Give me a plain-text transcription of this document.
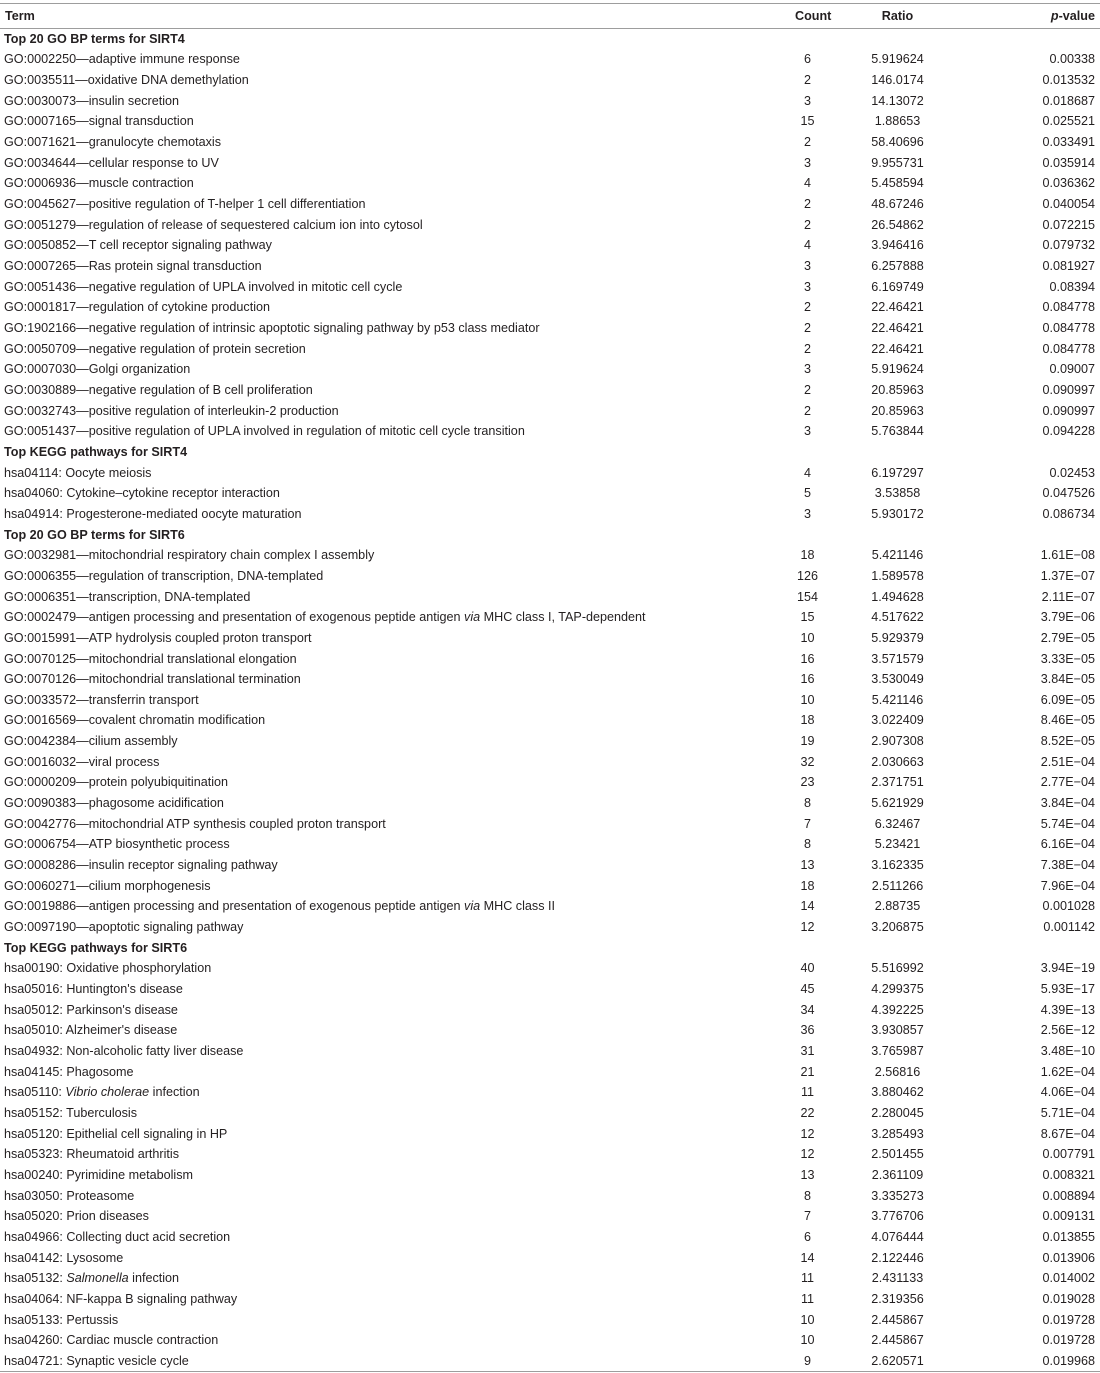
Term	Count	Ratio	p-value
Top 20 GO BP terms for SIRT4			
GO:0002250—adaptive immune response	6	5.919624	0.00338
GO:0035511—oxidative DNA demethylation	2	146.0174	0.013532
GO:0030073—insulin secretion	3	14.13072	0.018687
GO:0007165—signal transduction	15	1.88653	0.025521
GO:0071621—granulocyte chemotaxis	2	58.40696	0.033491
GO:0034644—cellular response to UV	3	9.955731	0.035914
GO:0006936—muscle contraction	4	5.458594	0.036362
GO:0045627—positive regulation of T-helper 1 cell differentiation	2	48.67246	0.040054
GO:0051279—regulation of release of sequestered calcium ion into cytosol	2	26.54862	0.072215
GO:0050852—T cell receptor signaling pathway	4	3.946416	0.079732
GO:0007265—Ras protein signal transduction	3	6.257888	0.081927
GO:0051436—negative regulation of UPLA involved in mitotic cell cycle	3	6.169749	0.08394
GO:0001817—regulation of cytokine production	2	22.46421	0.084778
GO:1902166—negative regulation of intrinsic apoptotic signaling pathway by p53 class mediator	2	22.46421	0.084778
GO:0050709—negative regulation of protein secretion	2	22.46421	0.084778
GO:0007030—Golgi organization	3	5.919624	0.09007
GO:0030889—negative regulation of B cell proliferation	2	20.85963	0.090997
GO:0032743—positive regulation of interleukin-2 production	2	20.85963	0.090997
GO:0051437—positive regulation of UPLA involved in regulation of mitotic cell cycle transition	3	5.763844	0.094228
Top KEGG pathways for SIRT4			
hsa04114: Oocyte meiosis	4	6.197297	0.02453
hsa04060: Cytokine–cytokine receptor interaction	5	3.53858	0.047526
hsa04914: Progesterone-mediated oocyte maturation	3	5.930172	0.086734
Top 20 GO BP terms for SIRT6			
GO:0032981—mitochondrial respiratory chain complex I assembly	18	5.421146	1.61E−08
GO:0006355—regulation of transcription, DNA-templated	126	1.589578	1.37E−07
GO:0006351—transcription, DNA-templated	154	1.494628	2.11E−07
GO:0002479—antigen processing and presentation of exogenous peptide antigen via MHC class I, TAP-dependent	15	4.517622	3.79E−06
GO:0015991—ATP hydrolysis coupled proton transport	10	5.929379	2.79E−05
GO:0070125—mitochondrial translational elongation	16	3.571579	3.33E−05
GO:0070126—mitochondrial translational termination	16	3.530049	3.84E−05
GO:0033572—transferrin transport	10	5.421146	6.09E−05
GO:0016569—covalent chromatin modification	18	3.022409	8.46E−05
GO:0042384—cilium assembly	19	2.907308	8.52E−05
GO:0016032—viral process	32	2.030663	2.51E−04
GO:0000209—protein polyubiquitination	23	2.371751	2.77E−04
GO:0090383—phagosome acidification	8	5.621929	3.84E−04
GO:0042776—mitochondrial ATP synthesis coupled proton transport	7	6.32467	5.74E−04
GO:0006754—ATP biosynthetic process	8	5.23421	6.16E−04
GO:0008286—insulin receptor signaling pathway	13	3.162335	7.38E−04
GO:0060271—cilium morphogenesis	18	2.511266	7.96E−04
GO:0019886—antigen processing and presentation of exogenous peptide antigen via MHC class II	14	2.88735	0.001028
GO:0097190—apoptotic signaling pathway	12	3.206875	0.001142
Top KEGG pathways for SIRT6			
hsa00190: Oxidative phosphorylation	40	5.516992	3.94E−19
hsa05016: Huntington's disease	45	4.299375	5.93E−17
hsa05012: Parkinson's disease	34	4.392225	4.39E−13
hsa05010: Alzheimer's disease	36	3.930857	2.56E−12
hsa04932: Non-alcoholic fatty liver disease	31	3.765987	3.48E−10
hsa04145: Phagosome	21	2.56816	1.62E−04
hsa05110: Vibrio cholerae infection	11	3.880462	4.06E−04
hsa05152: Tuberculosis	22	2.280045	5.71E−04
hsa05120: Epithelial cell signaling in HP	12	3.285493	8.67E−04
hsa05323: Rheumatoid arthritis	12	2.501455	0.007791
hsa00240: Pyrimidine metabolism	13	2.361109	0.008321
hsa03050: Proteasome	8	3.335273	0.008894
hsa05020: Prion diseases	7	3.776706	0.009131
hsa04966: Collecting duct acid secretion	6	4.076444	0.013855
hsa04142: Lysosome	14	2.122446	0.013906
hsa05132: Salmonella infection	11	2.431133	0.014002
hsa04064: NF-kappa B signaling pathway	11	2.319356	0.019028
hsa05133: Pertussis	10	2.445867	0.019728
hsa04260: Cardiac muscle contraction	10	2.445867	0.019728
hsa04721: Synaptic vesicle cycle	9	2.620571	0.019968
